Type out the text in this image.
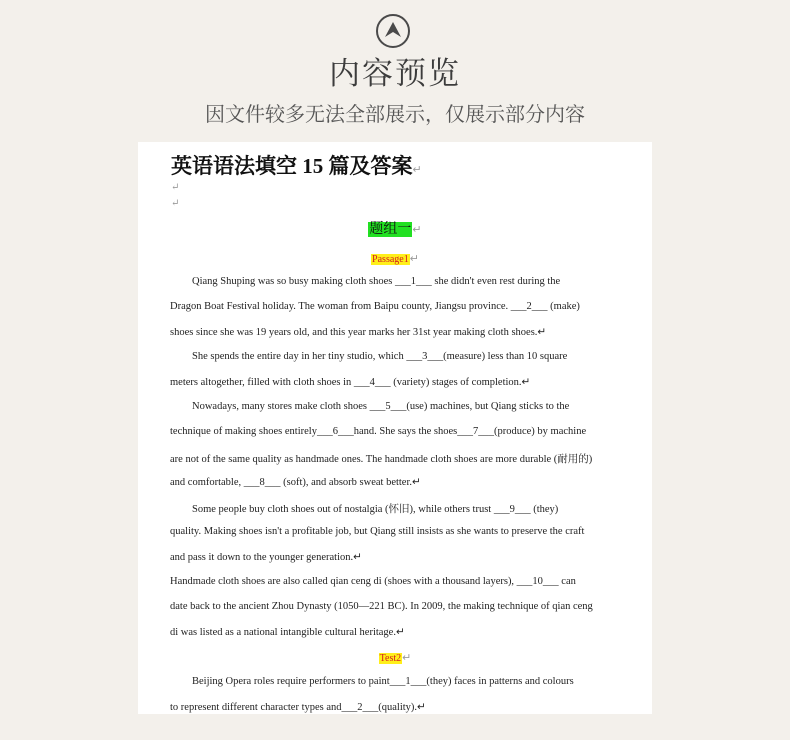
内容预览
因文件较多无法全部展示，仅展示部分内容
英语语法填空 15 篇及答案↵
↵
↵
题组一↵
Passage1↵
Qiang Shuping was so busy making cloth shoes ___1___ she didn't even rest during the
Dragon Boat Festival holiday. The woman from Baipu county, Jiangsu province. ___2___ (make)
shoes since she was 19 years old, and this year marks her 31st year making cloth shoes.↵
She spends the entire day in her tiny studio, which ___3___(measure) less than 10 square
meters altogether, filled with cloth shoes in ___4___ (variety) stages of completion.↵
Nowadays, many stores make cloth shoes ___5___(use) machines, but Qiang sticks to the
technique of making shoes entirely___6___hand. She says the shoes___7___(produce) by machine
are not of the same quality as handmade ones. The handmade cloth shoes are more durable (耐用的)
and comfortable, ___8___ (soft), and absorb sweat better.↵
Some people buy cloth shoes out of nostalgia (怀旧), while others trust ___9___ (they)
quality. Making shoes isn't a profitable job, but Qiang still insists as she wants to preserve the craft
and pass it down to the younger generation.↵
Handmade cloth shoes are also called qian ceng di (shoes with a thousand layers), ___10___ can
date back to the ancient Zhou Dynasty (1050—221 BC). In 2009, the making technique of qian ceng
di was listed as a national intangible cultural heritage.↵
Test2↵
Beijing Opera roles require performers to paint___1___(they) faces in patterns and colours
to represent different character types and___2___(quality).↵
